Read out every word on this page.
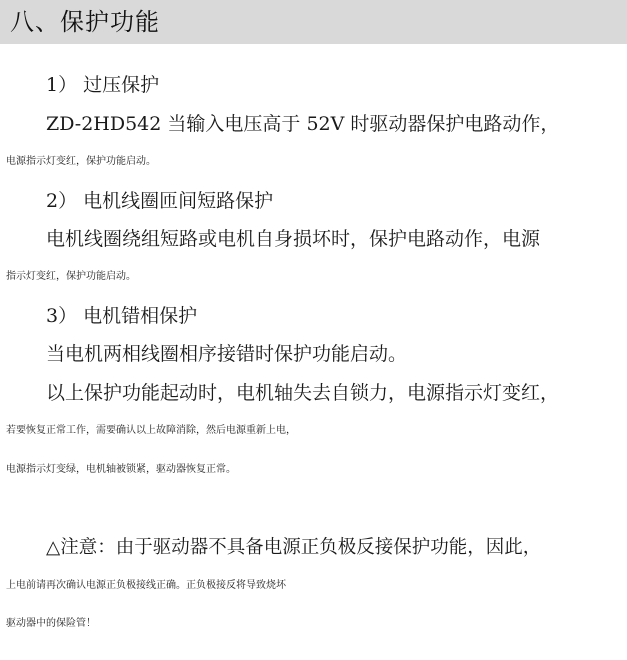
八、保护功能
1） 过压保护
ZD-2HD542 当输入电压高于 52V 时驱动器保护电路动作，
电源指示灯变红，保护功能启动。
2） 电机线圈匝间短路保护
电机线圈绕组短路或电机自身损坏时，保护电路动作，电源
指示灯变红，保护功能启动。
3） 电机错相保护
当电机两相线圈相序接错时保护功能启动。
以上保护功能起动时，电机轴失去自锁力，电源指示灯变红，
若要恢复正常工作，需要确认以上故障消除，然后电源重新上电，
电源指示灯变绿，电机轴被锁紧，驱动器恢复正常。
△注意：由于驱动器不具备电源正负极反接保护功能，因此，
上电前请再次确认电源正负极接线正确。正负极接反将导致烧坏
驱动器中的保险管！
